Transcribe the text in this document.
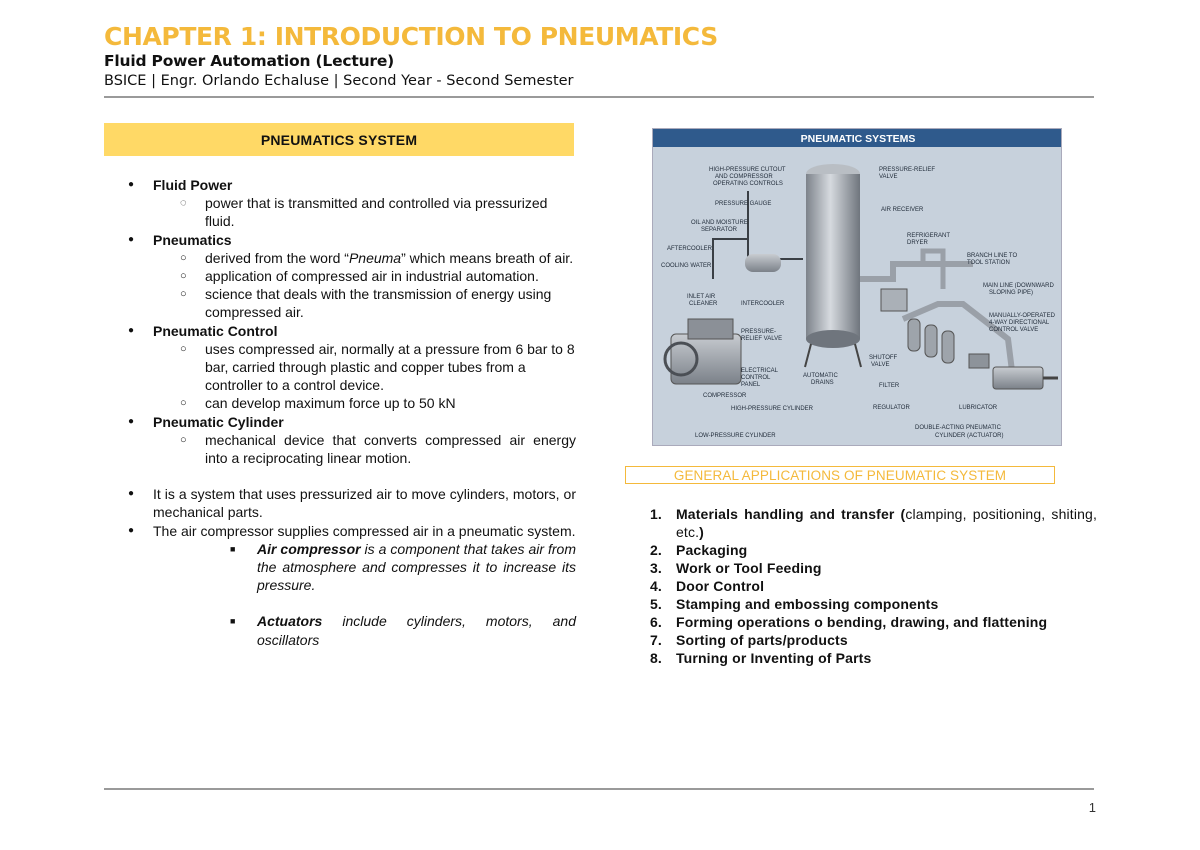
CHAPTER 1: INTRODUCTION TO PNEUMATICS
Fluid Power Automation (Lecture)
BSICE | Engr. Orlando Echaluse | Second Year - Second Semester
PNEUMATICS SYSTEM
● Fluid Power
◌ power that is transmitted and controlled via pressurized fluid.
● Pneumatics
○ derived from the word “Pneuma” which means breath of air.
○ application of compressed air in industrial automation.
○ science that deals with the transmission of energy using compressed air.
● Pneumatic Control
○ uses compressed air, normally at a pressure from 6 bar to 8 bar, carried through plastic and copper tubes from a controller to a control device.
○ can develop maximum force up to 50 kN
● Pneumatic Cylinder
○ mechanical device that converts compressed air energy into a reciprocating linear motion.
● It is a system that uses pressurized air to move cylinders, motors, or mechanical parts.
● The air compressor supplies compressed air in a pneumatic system.
■ Air compressor is a component that takes air from the atmosphere and compresses it to increase its pressure.
■ Actuators include cylinders, motors, and oscillators
PNEUMATIC SYSTEMS
HIGH-PRESSURE CUTOUT
AND COMPRESSOR
OPERATING CONTROLS
PRESSURE GAUGE
OIL AND MOISTURE
SEPARATOR
AFTERCOOLER
COOLING WATER
INLET AIR
CLEANER	INTERCOOLER
PRESSURE-
RELIEF VALVE
ELECTRICAL
CONTROL
PANEL
COMPRESSOR
HIGH-PRESSURE CYLINDER
LOW-PRESSURE CYLINDER
AUTOMATIC
DRAINS
PRESSURE-RELIEF
VALVE
AIR RECEIVER
REFRIGERANT
DRYER
BRANCH LINE TO
TOOL STATION
MAIN LINE (DOWNWARD
SLOPING PIPE)
MANUALLY-OPERATED
4-WAY DIRECTIONAL
CONTROL VALVE
SHUTOFF
VALVE
FILTER
REGULATOR	LUBRICATOR
DOUBLE-ACTING PNEUMATIC
CYLINDER (ACTUATOR)
GENERAL APPLICATIONS OF PNEUMATIC SYSTEM
1. Materials handling and transfer (clamping, positioning, shiting, etc.)
2. Packaging
3. Work or Tool Feeding
4. Door Control
5. Stamping and embossing components
6. Forming operations o bending, drawing, and flattening
7. Sorting of parts/products
8. Turning or Inventing of Parts
1
